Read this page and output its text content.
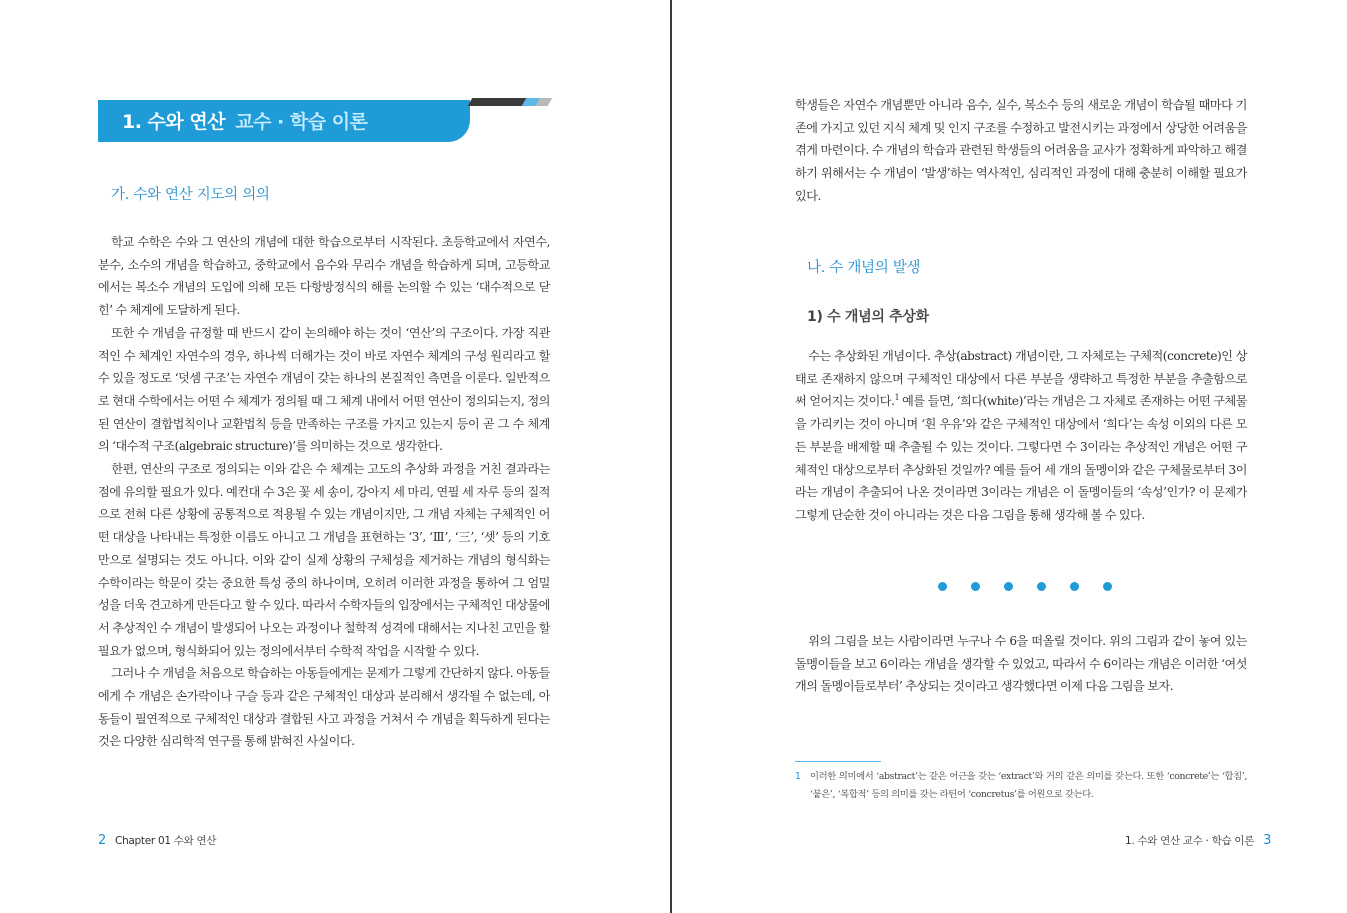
1. 수와 연산 교수 · 학습 이론
가. 수와 연산 지도의 의의

학교 수학은 수와 그 연산의 개념에 대한 학습으로부터 시작된다. 초등학교에서 자연수, 분수, 소수의 개념을 학습하고, 중학교에서 음수와 무리수 개념을 학습하게 되며, 고등학교에서는 복소수 개념의 도입에 의해 모든 다항방정식의 해를 논의할 수 있는 ‘대수적으로 닫힌’ 수 체계에 도달하게 된다.

또한 수 개념을 규정할 때 반드시 같이 논의해야 하는 것이 ‘연산’의 구조이다. 가장 직관적인 수 체계인 자연수의 경우, 하나씩 더해가는 것이 바로 자연수 체계의 구성 원리라고 할 수 있을 정도로 ‘덧셈 구조’는 자연수 개념이 갖는 하나의 본질적인 측면을 이룬다. 일반적으로 현대 수학에서는 어떤 수 체계가 정의될 때 그 체계 내에서 어떤 연산이 정의되는지, 정의된 연산이 결합법칙이나 교환법칙 등을 만족하는 구조를 가지고 있는지 등이 곧 그 수 체계의 ‘대수적 구조(algebraic structure)’를 의미하는 것으로 생각한다.

한편, 연산의 구조로 정의되는 이와 같은 수 체계는 고도의 추상화 과정을 거친 결과라는 점에 유의할 필요가 있다. 예컨대 수 3은 꽃 세 송이, 강아지 세 마리, 연필 세 자루 등의 질적으로 전혀 다른 상황에 공통적으로 적용될 수 있는 개념이지만, 그 개념 자체는 구체적인 어떤 대상을 나타내는 특정한 이름도 아니고 그 개념을 표현하는 ‘3’, ‘Ⅲ’, ‘三’, ‘셋’ 등의 기호만으로 설명되는 것도 아니다. 이와 같이 실제 상황의 구체성을 제거하는 개념의 형식화는 수학이라는 학문이 갖는 중요한 특성 중의 하나이며, 오히려 이러한 과정을 통하여 그 엄밀성을 더욱 견고하게 만든다고 할 수 있다. 따라서 수학자들의 입장에서는 구체적인 대상물에서 추상적인 수 개념이 발생되어 나오는 과정이나 철학적 성격에 대해서는 지나친 고민을 할 필요가 없으며, 형식화되어 있는 정의에서부터 수학적 작업을 시작할 수 있다.

그러나 수 개념을 처음으로 학습하는 아동들에게는 문제가 그렇게 간단하지 않다. 아동들에게 수 개념은 손가락이나 구슬 등과 같은 구체적인 대상과 분리해서 생각될 수 없는데, 아동들이 필연적으로 구체적인 대상과 결합된 사고 과정을 거쳐서 수 개념을 획득하게 된다는 것은 다양한 심리학적 연구를 통해 밝혀진 사실이다.

2 Chapter 01 수와 연산

학생들은 자연수 개념뿐만 아니라 음수, 실수, 복소수 등의 새로운 개념이 학습될 때마다 기존에 가지고 있던 지식 체계 및 인지 구조를 수정하고 발전시키는 과정에서 상당한 어려움을 겪게 마련이다. 수 개념의 학습과 관련된 학생들의 어려움을 교사가 정확하게 파악하고 해결하기 위해서는 수 개념이 ‘발생’하는 역사적인, 심리적인 과정에 대해 충분히 이해할 필요가 있다.

나. 수 개념의 발생
1) 수 개념의 추상화

수는 추상화된 개념이다. 추상(abstract) 개념이란, 그 자체로는 구체적(concrete)인 상태로 존재하지 않으며 구체적인 대상에서 다른 부분을 생략하고 특정한 부분을 추출함으로써 얻어지는 것이다.$^1$ 예를 들면, ‘희다(white)’라는 개념은 그 자체로 존재하는 어떤 구체물을 가리키는 것이 아니며 ‘흰 우유’와 같은 구체적인 대상에서 ‘희다’는 속성 이외의 다른 모든 부분을 배제할 때 추출될 수 있는 것이다. 그렇다면 수 3이라는 추상적인 개념은 어떤 구체적인 대상으로부터 추상화된 것일까? 예를 들어 세 개의 돌멩이와 같은 구체물로부터 3이라는 개념이 추출되어 나온 것이라면 3이라는 개념은 이 돌멩이들의 ‘속성’인가? 이 문제가 그렇게 단순한 것이 아니라는 것은 다음 그림을 통해 생각해 볼 수 있다.

위의 그림을 보는 사람이라면 누구나 수 6을 떠올릴 것이다. 위의 그림과 같이 놓여 있는 돌멩이들을 보고 6이라는 개념을 생각할 수 있었고, 따라서 수 6이라는 개념은 이러한 ‘여섯 개의 돌멩이들로부터’ 추상되는 것이라고 생각했다면 이제 다음 그림을 보자.

1 이러한 의미에서 ‘abstract’는 같은 어근을 갖는 ‘extract’와 거의 같은 의미를 갖는다. 또한 ‘concrete’는 ‘합침’, ‘붙은’, ‘복합적’ 등의 의미를 갖는 라틴어 ‘concretus’를 어원으로 갖는다.
1. 수와 연산 교수 · 학습 이론 3
